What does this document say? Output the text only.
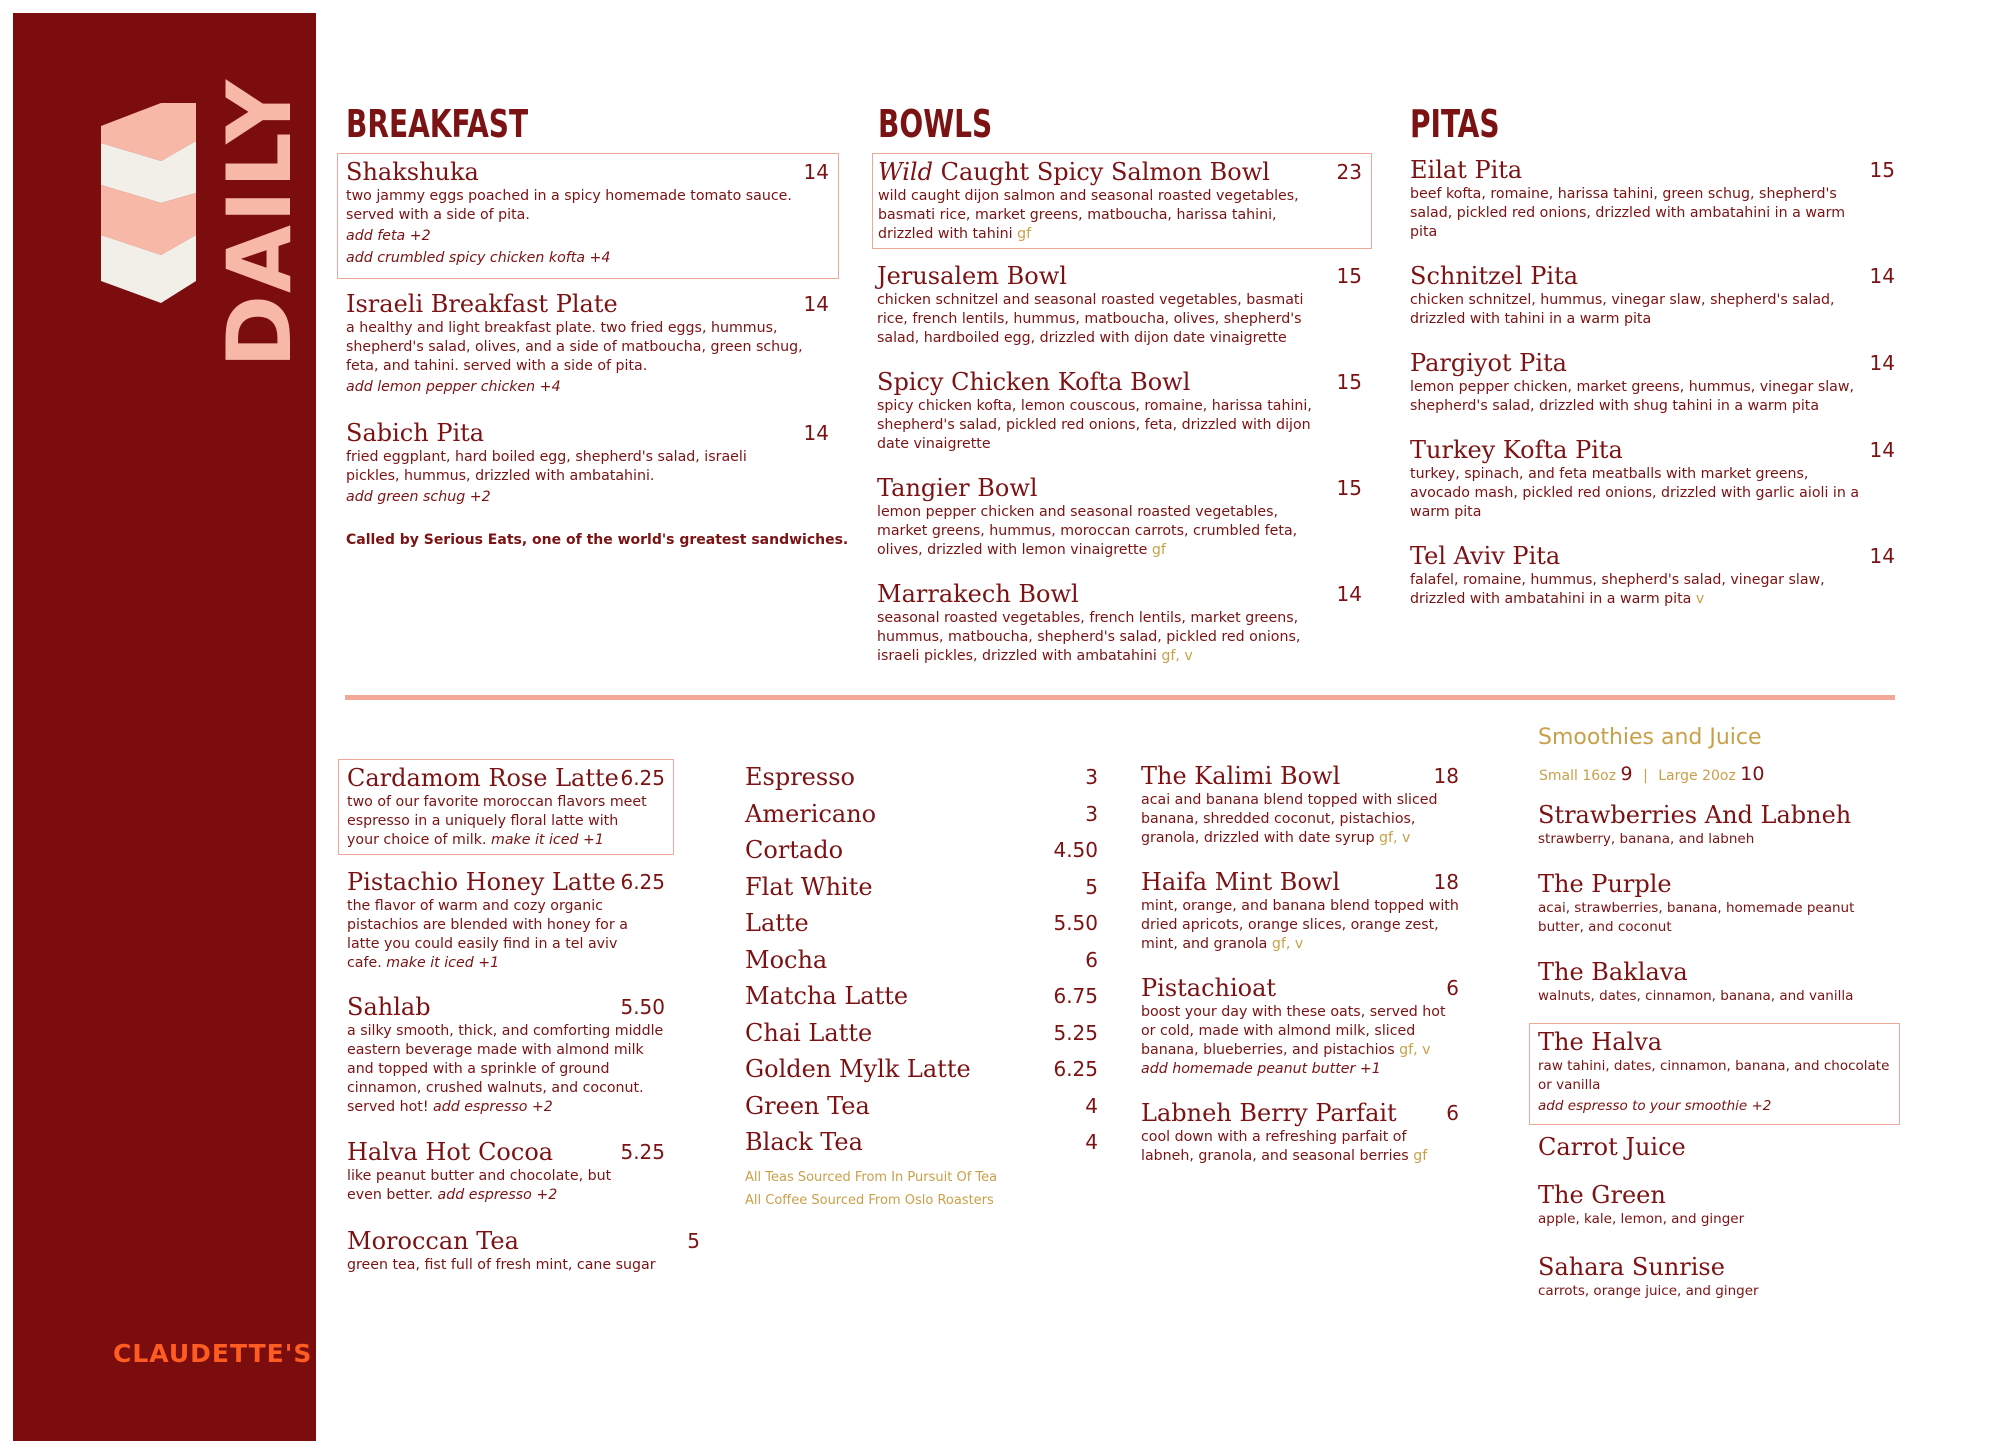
DAILY
CLAUDETTE'S
BREAKFAST
Shakshuka	14
two jammy eggs poached in a spicy homemade tomato sauce. served with a side of pita.
add feta +2
add crumbled spicy chicken kofta +4
Israeli Breakfast Plate	14
a healthy and light breakfast plate. two fried eggs, hummus, shepherd's salad, olives, and a side of matboucha, green schug, feta, and tahini. served with a side of pita.
add lemon pepper chicken +4
Sabich Pita	14
fried eggplant, hard boiled egg, shepherd's salad, israeli pickles, hummus, drizzled with ambatahini.
add green schug +2
Called by Serious Eats, one of the world's greatest sandwiches.
BOWLS
Wild Caught Spicy Salmon Bowl	23
wild caught dijon salmon and seasonal roasted vegetables, basmati rice, market greens, matboucha, harissa tahini, drizzled with tahini gf
Jerusalem Bowl	15
chicken schnitzel and seasonal roasted vegetables, basmati rice, french lentils, hummus, matboucha, olives, shepherd's salad, hardboiled egg, drizzled with dijon date vinaigrette
Spicy Chicken Kofta Bowl	15
spicy chicken kofta, lemon couscous, romaine, harissa tahini, shepherd's salad, pickled red onions, feta, drizzled with dijon date vinaigrette
Tangier Bowl	15
lemon pepper chicken and seasonal roasted vegetables, market greens, hummus, moroccan carrots, crumbled feta, olives, drizzled with lemon vinaigrette gf
Marrakech Bowl	14
seasonal roasted vegetables, french lentils, market greens, hummus, matboucha, shepherd's salad, pickled red onions, israeli pickles, drizzled with ambatahini gf, v
PITAS
Eilat Pita	15
beef kofta, romaine, harissa tahini, green schug, shepherd's salad, pickled red onions, drizzled with ambatahini in a warm pita
Schnitzel Pita	14
chicken schnitzel, hummus, vinegar slaw, shepherd's salad, drizzled with tahini in a warm pita
Pargiyot Pita	14
lemon pepper chicken, market greens, hummus, vinegar slaw, shepherd's salad, drizzled with shug tahini in a warm pita
Turkey Kofta Pita	14
turkey, spinach, and feta meatballs with market greens, avocado mash, pickled red onions, drizzled with garlic aioli in a warm pita
Tel Aviv Pita	14
falafel, romaine, hummus, shepherd's salad, vinegar slaw, drizzled with ambatahini in a warm pita v
Cardamom Rose Latte 6.25
two of our favorite moroccan flavors meet espresso in a uniquely floral latte with your choice of milk. make it iced +1
Pistachio Honey Latte 6.25
the flavor of warm and cozy organic pistachios are blended with honey for a latte you could easily find in a tel aviv cafe. make it iced +1
Sahlab	5.50
a silky smooth, thick, and comforting middle eastern beverage made with almond milk and topped with a sprinkle of ground cinnamon, crushed walnuts, and coconut. served hot! add espresso +2
Halva Hot Cocoa	5.25
like peanut butter and chocolate, but even better. add espresso +2
Moroccan Tea	5
green tea, fist full of fresh mint, cane sugar
Espresso	3
Americano	3
Cortado	4.50
Flat White	5
Latte	5.50
Mocha	6
Matcha Latte	6.75
Chai Latte	5.25
Golden Mylk Latte	6.25
Green Tea	4
Black Tea	4
All Teas Sourced From In Pursuit Of Tea
All Coffee Sourced From Oslo Roasters
The Kalimi Bowl	18
acai and banana blend topped with sliced banana, shredded coconut, pistachios, granola, drizzled with date syrup gf, v
Haifa Mint Bowl	18
mint, orange, and banana blend topped with dried apricots, orange slices, orange zest, mint, and granola gf, v
Pistachioat	6
boost your day with these oats, served hot or cold, made with almond milk, sliced banana, blueberries, and pistachios gf, v
add homemade peanut butter +1
Labneh Berry Parfait	6
cool down with a refreshing parfait of labneh, granola, and seasonal berries gf
Smoothies and Juice
Small 16oz 9 | Large 20oz 10
Strawberries And Labneh
strawberry, banana, and labneh
The Purple
acai, strawberries, banana, homemade peanut butter, and coconut
The Baklava
walnuts, dates, cinnamon, banana, and vanilla
The Halva
raw tahini, dates, cinnamon, banana, and chocolate or vanilla
add espresso to your smoothie +2
Carrot Juice
The Green
apple, kale, lemon, and ginger
Sahara Sunrise
carrots, orange juice, and ginger
